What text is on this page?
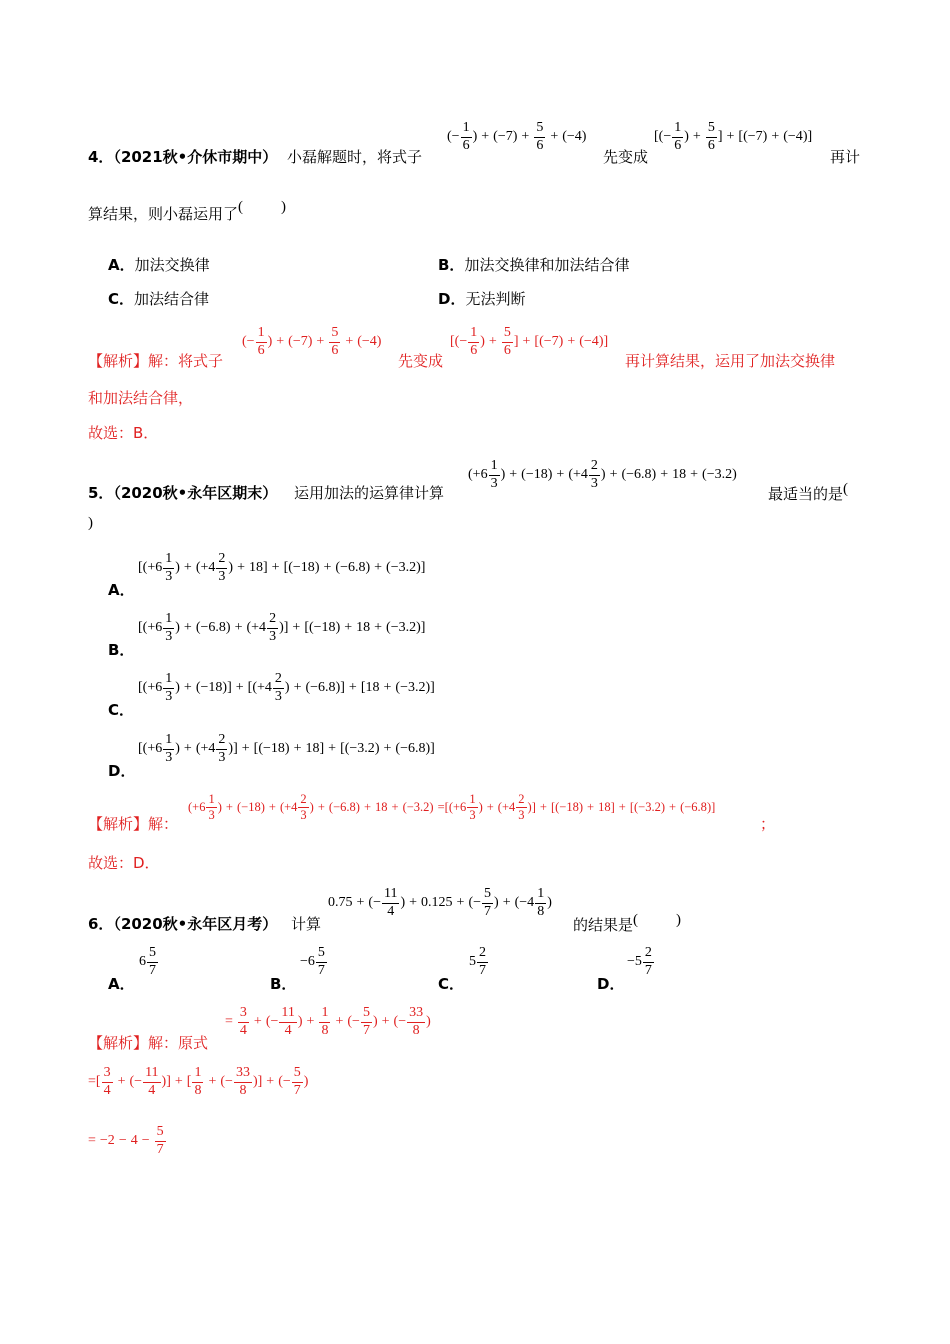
4．（2021秋•介休市期中） 小磊解题时，将式子
( − $\frac{1}{6}$ ) + ( −7 ) + $\frac{5}{6}$ + ( −4 )
先变成
[ ( − $\frac{1}{6}$ ) + $\frac{5}{6}$ ] + [ ( −7 ) + ( −4 ) ]
再计
算结果，则小磊运用了(	)
A．加法交换律	B．加法交换律和加法结合律
C．加法结合律	D．无法判断
【解析】解：将式子
( − $\frac{1}{6}$ ) + ( −7 ) + $\frac{5}{6}$ + ( −4 )
先变成
[ ( − $\frac{1}{6}$ ) + $\frac{5}{6}$ ] + [ ( −7 ) + ( −4 ) ]
再计算结果，运用了加法交换律
和加法结合律，
故选：B．
5．（2020秋•永年区期末） 运用加法的运算律计算
( $+6 \frac{1}{3}$ ) + ( −18 ) + ( $+4 \frac{2}{3}$ ) + ( −6.8 ) + 18 + ( −3.2 )
最适当的是(
)
A．
[ ( $+6 \frac{1}{3}$ ) + ( $+4 \frac{2}{3}$ ) + 18 ] + [ ( −18 ) + ( −6.8 ) + ( −3.2 ) ]
B．
[ ( $+6 \frac{1}{3}$ ) + ( −6.8 ) + ( $+4 \frac{2}{3}$ ) ] + [ ( −18 ) + 18 + ( −3.2 ) ]
C．
[ ( $+6 \frac{1}{3}$ ) + ( −18 ) ] + [ ( $+4 \frac{2}{3}$ ) + ( −6.8 ) ] + [ 18 + ( −3.2 ) ]
D．
[ ( $+6 \frac{1}{3}$ ) + ( $+4 \frac{2}{3}$ ) ] + [ ( −18 ) + 18 ] + [ ( −3.2 ) + ( −6.8 ) ]
【解析】解：
( $+6 \frac{1}{3}$ ) + ( −18 ) + ( $+4 \frac{2}{3}$ ) + ( −6.8 ) + 18 + ( −3.2 ) = [ ( $+6 \frac{1}{3}$ ) + ( $+4 \frac{2}{3}$ ) ] + [ ( −18 ) + 18 ] + [ ( −3.2 ) + ( −6.8 ) ]
；
故选：D．
6．（2020秋•永年区月考） 计算
0.75 + ( − $\frac{11}{4}$ ) + 0.125 + ( − $\frac{5}{7}$ ) + ( $-4 \frac{1}{8}$ )
的结果是(	)
A．
$6 \frac{5}{7}$
B．
$-6 \frac{5}{7}$
C．
$5 \frac{2}{7}$
D．
$-5 \frac{2}{7}$
【解析】解：原式
= $\frac{3}{4}$ + ( − $\frac{11}{4}$ ) + $\frac{1}{8}$ + ( − $\frac{5}{7}$ ) + ( − $\frac{33}{8}$ )
= [ $\frac{3}{4}$ + ( − $\frac{11}{4}$ ) ] + [ $\frac{1}{8}$ + ( − $\frac{33}{8}$ ) ] + ( − $\frac{5}{7}$ )
= $-2 - 4 - \frac{5}{7}$
